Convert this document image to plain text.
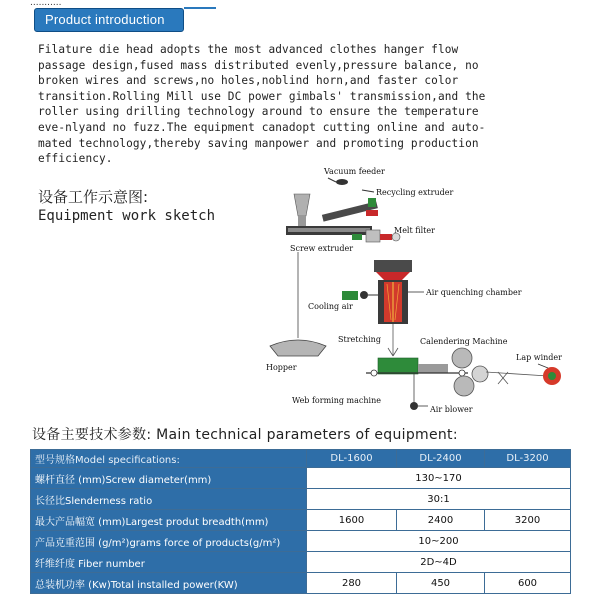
...........
Product introduction

Filature die head adopts the most advanced clothes hanger flow
passage design,fused mass distributed evenly,pressure balance, no
broken wires and screws,no holes,noblind horn,and faster color
transition.Rolling Mill use DC power gimbals' transmission,and the
roller using drilling technology around to ensure the temperature
eve-nlyand no fuzz.The equipment canadopt cutting online and auto-
mated technology,thereby saving manpower and promoting production
efficiency.

设备工作示意图:
Equipment work sketch
Vacuum feeder
Recycling extruder
Screw extruder
Melt filter
Air quenching chamber
Cooling air
Hopper
Stretching
Web forming machine
Air blower
Calendering Machine
Lap winder
设备主要技术参数: Main technical parameters of equipment:
型号规格Model specifications:	DL-1600	DL-2400	DL-3200
螺杆直径 (mm)Screw diameter(mm)	130~170		
长径比Slenderness ratio	30:1		
最大产品幅宽 (mm)Largest produt breadth(mm)	1600	2400	3200
产品克重范围 (g/m²)grams force of products(g/m²)	10~200		
纤维纤度 Fiber number	2D~4D		
总装机功率 (Kw)Total installed power(KW)	280	450	600
